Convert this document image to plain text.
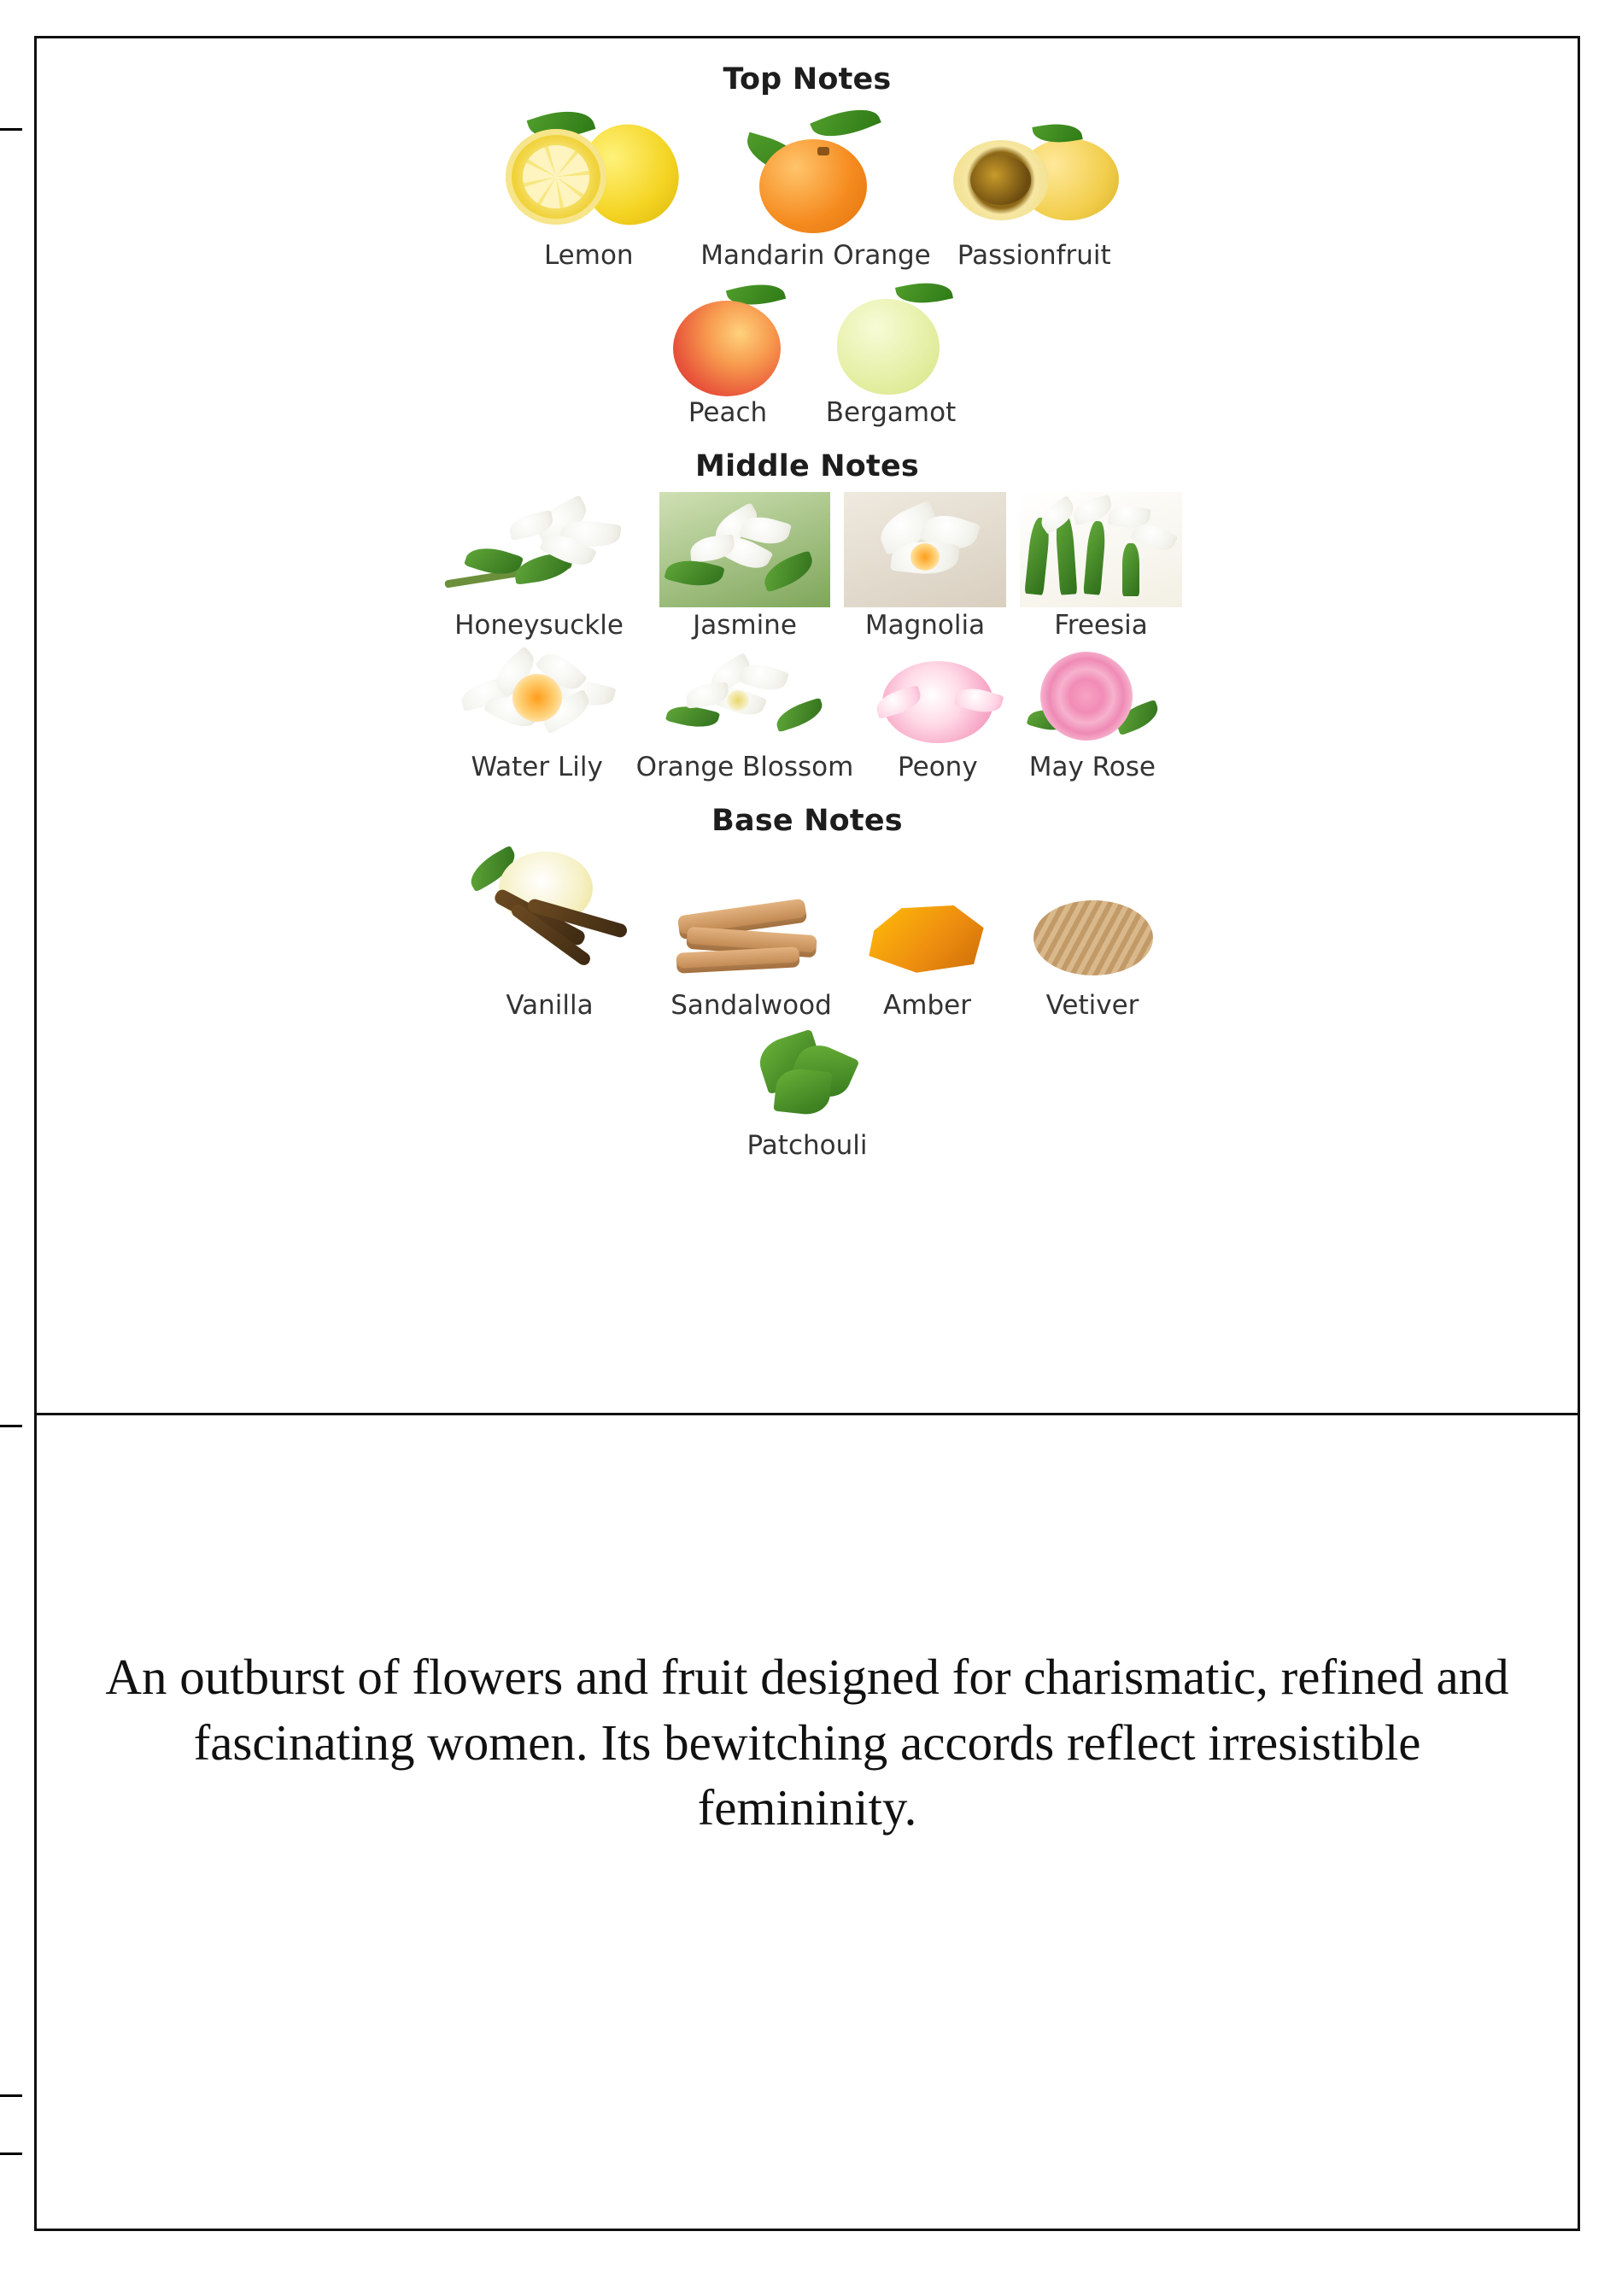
Top Notes
Lemon	Mandarin Orange Passionfruit
Peach Bergamot
Middle Notes
Honeysuckle	Jasmine	Magnolia	Freesia
Water Lily Orange Blossom Peony May Rose
Base Notes
Vanilla	Sandalwood Amber	Vetiver
Patchouli
An outburst of flowers and fruit designed for charismatic, refined and fascinating women. Its bewitching accords reflect irresistible femininity.
